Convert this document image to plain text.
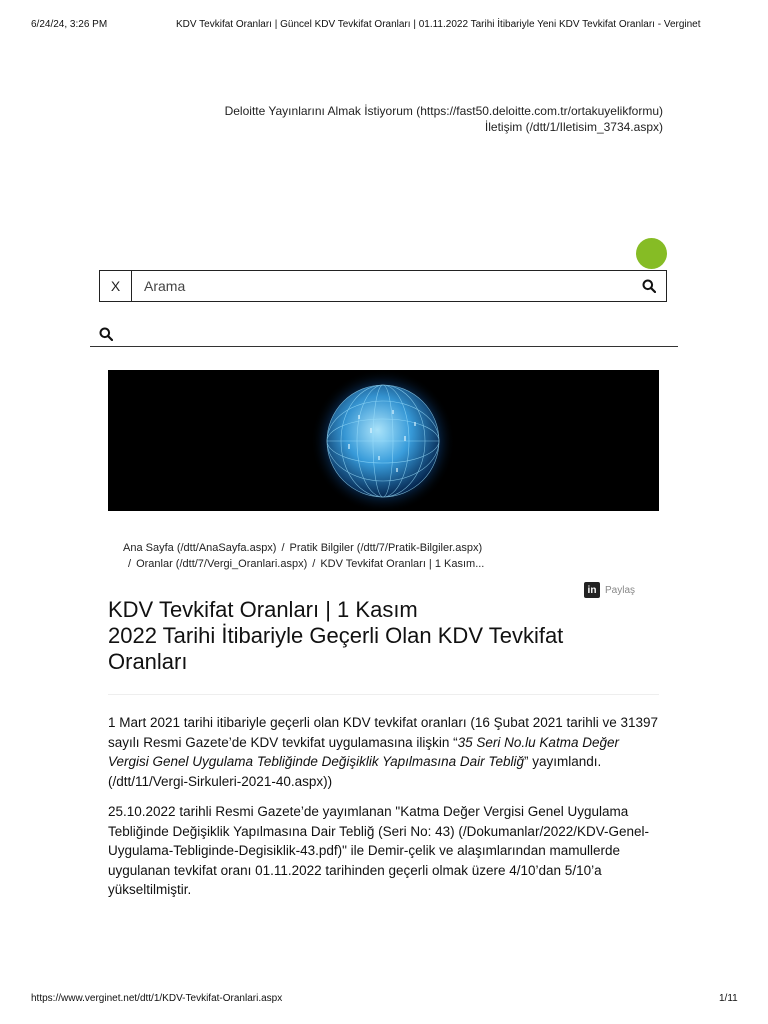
6/24/24, 3:26 PM	KDV Tevkifat Oranları | Güncel KDV Tevkifat Oranları | 01.11.2022 Tarihi İtibariyle Yeni KDV Tevkifat Oranları - Verginet
Deloitte Yayınlarını Almak İstiyorum (https://fast50.deloitte.com.tr/ortakuyelikformu)
İletişim (/dtt/1/Iletisim_3734.aspx)
X
Arama
Ana Sayfa (/dtt/AnaSayfa.aspx) / Pratik Bilgiler (/dtt/7/Pratik-Bilgiler.aspx)
/ Oranlar (/dtt/7/Vergi_Oranlari.aspx) / KDV Tevkifat Oranları | 1 Kasım...
in Paylaş
KDV Tevkifat Oranları | 1 Kasım
2022 Tarihi İtibariyle Geçerli Olan KDV Tevkifat
Oranları

1 Mart 2021 tarihi itibariyle geçerli olan KDV tevkifat oranları (16 Şubat 2021 tarihli ve 31397 sayılı Resmi Gazete’de KDV tevkifat uygulamasına ilişkin “35 Seri No.lu Katma Değer Vergisi Genel Uygulama Tebliğinde Değişiklik Yapılmasına Dair Tebliğ” yayımlandı. (/dtt/11/Vergi-Sirkuleri-2021-40.aspx))

25.10.2022 tarihli Resmi Gazete’de yayımlanan "Katma Değer Vergisi Genel Uygulama Tebliğinde Değişiklik Yapılmasına Dair Tebliğ (Seri No: 43) (/Dokumanlar/2022/KDV-Genel-Uygulama-Tebliginde-Degisiklik-43.pdf)" ile Demir-çelik ve alaşımlarından mamullerde uygulanan tevkifat oranı 01.11.2022 tarihinden geçerli olmak üzere 4/10’dan 5/10’a yükseltilmiştir.

https://www.verginet.net/dtt/1/KDV-Tevkifat-Oranlari.aspx	1/11
